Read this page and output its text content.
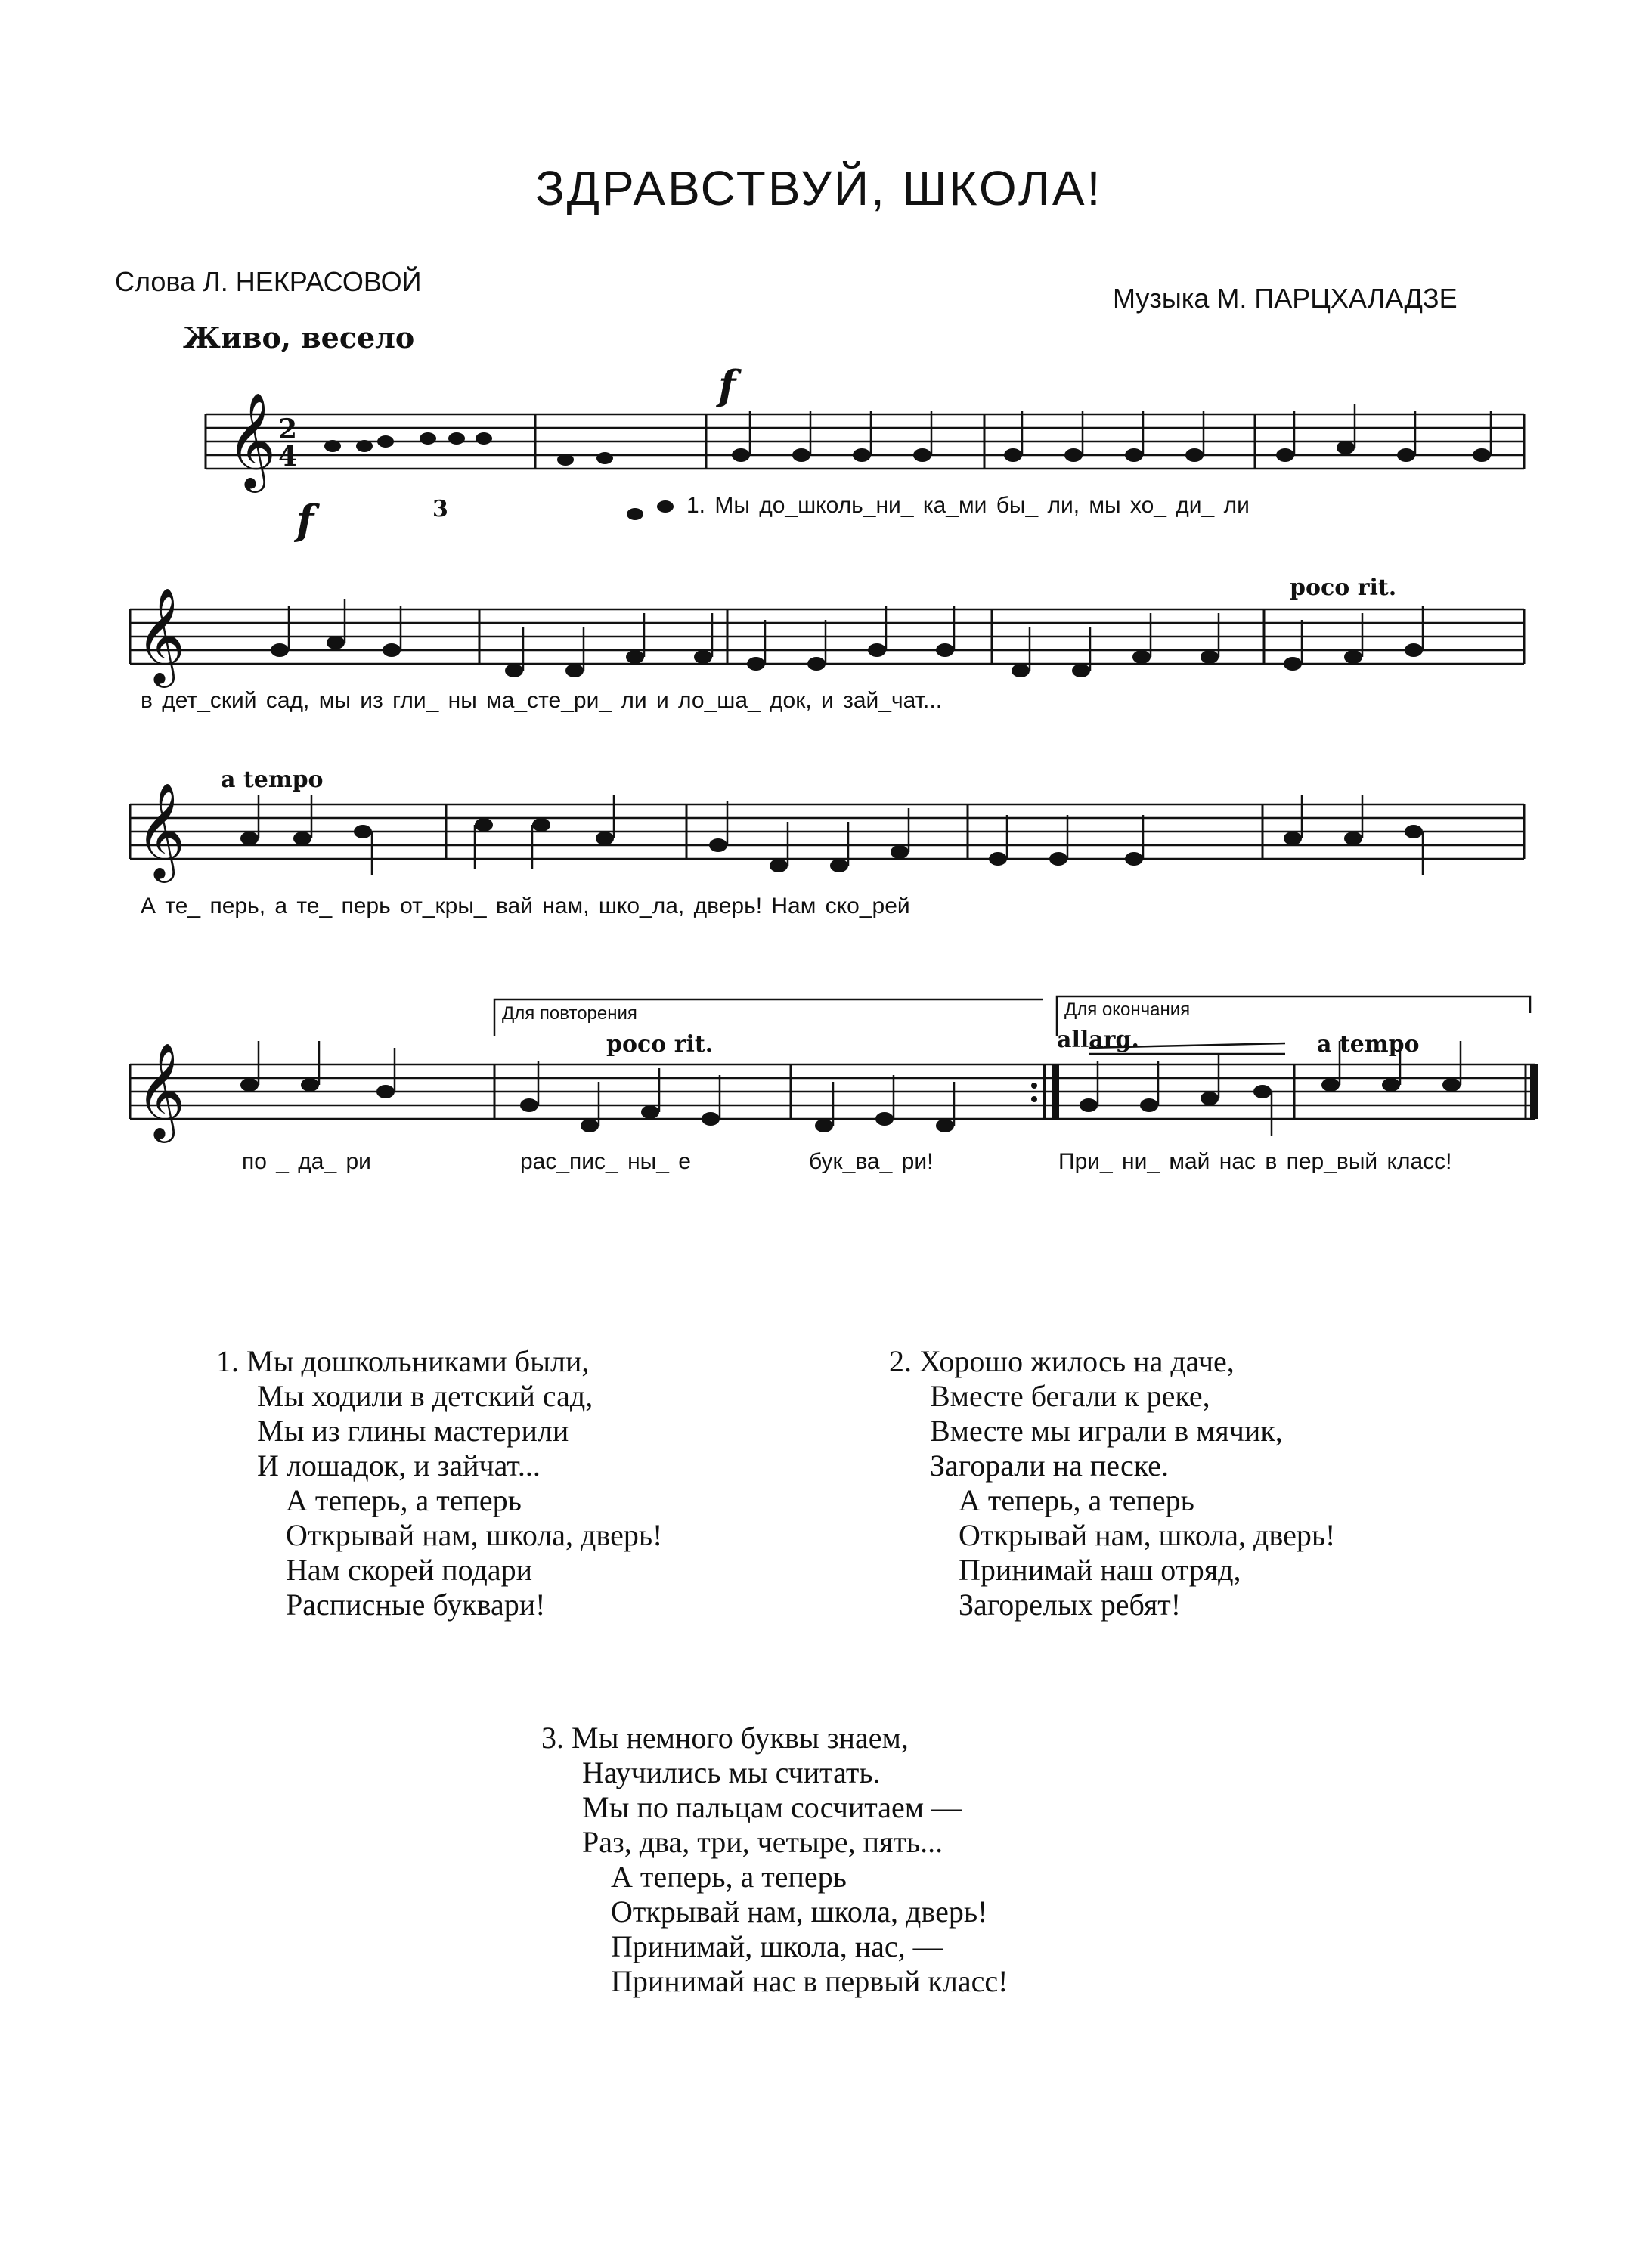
ЗДРАВСТВУЙ, ШКОЛА!
Слова Л. НЕКРАСОВОЙ
Музыка М. ПАРЦХАЛАДЗЕ
Живо, весело
f
f
3
poco rit.
a tempo
poco rit.	allarg.	a tempo
Для повторения	Для окончания
𝄞 2
4
𝄞
𝄞
𝄞
1. Мы до_школь_ни_ ка_ми бы_ ли, мы хо_ ди_ ли
в дет_ский сад, мы из гли_ ны ма_сте_ри_ ли и ло_ша_ док, и зай_чат...
А те_ перь, а те_ перь от_кры_ вай нам, шко_ла, дверь! Нам ско_рей
по _ да_ ри	рас_пис_ ны_ е	бук_ва_ ри!	При_ ни_ май нас в пер_вый класс!
1. Мы дошкольниками были,
Мы ходили в детский сад,
Мы из глины мастерили
И лошадок, и зайчат...
А теперь, а теперь
Открывай нам, школа, дверь!
Нам скорей подари
Расписные буквари!
2. Хорошо жилось на даче,
Вместе бегали к реке,
Вместе мы играли в мячик,
Загорали на песке.
А теперь, а теперь
Открывай нам, школа, дверь!
Принимай наш отряд,
Загорелых ребят!
3. Мы немного буквы знаем,
Научились мы считать.
Мы по пальцам сосчитаем —
Раз, два, три, четыре, пять...
А теперь, а теперь
Открывай нам, школа, дверь!
Принимай, школа, нас, —
Принимай нас в первый класс!
